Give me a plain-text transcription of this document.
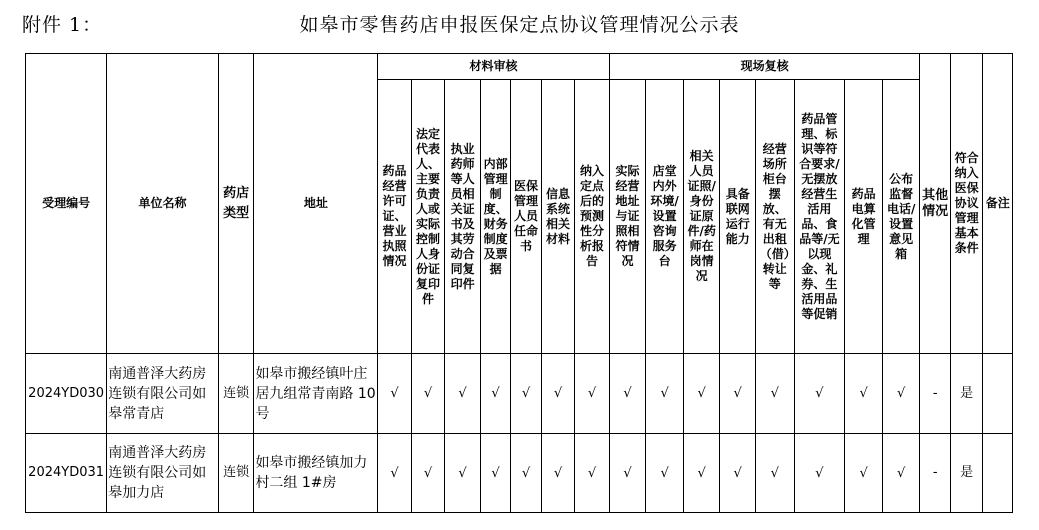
附件 1：	如皋市零售药店申报医保定点协议管理情况公示表
受理编号	单位名称	药店类型	地址	材料审核							现场复核								其他情况	符合纳入医保协议管理基本条件	备注
				药品经营许可证、营业执照情况	法定代表人、主要负责人或实际控制人身份证复印件	执业药师等人员相关证书及其劳动合同复印件	内部管理制度、财务制度及票据	医保管理人员任命书	信息系统相关材料	纳入定点后的预测性分析报告	实际经营地址与证照相符情况	店堂内外环境/设置咨询服务台	相关人员证照/身份证原件/药师在岗情况	具备联网运行能力	经营场所柜台摆放、有无出租（借）转让等	药品管理、标识等符合要求/无摆放经营生活用品、食品等/无以现金、礼券、生活用品等促销	药品电算化管理	公布监督电话/设置意见箱			
2024YD030	南通普泽大药房连锁有限公司如皋常青店	连锁	如皋市搬经镇叶庄居九组常青南路 10 号	√	√	√	√	√	√	√	√	√	√	√	√	√	√	√	-	是	
2024YD031	南通普泽大药房连锁有限公司如皋加力店	连锁	如皋市搬经镇加力村二组 1#房	√	√	√	√	√	√	√	√	√	√	√	√	√	√	√	-	是	
